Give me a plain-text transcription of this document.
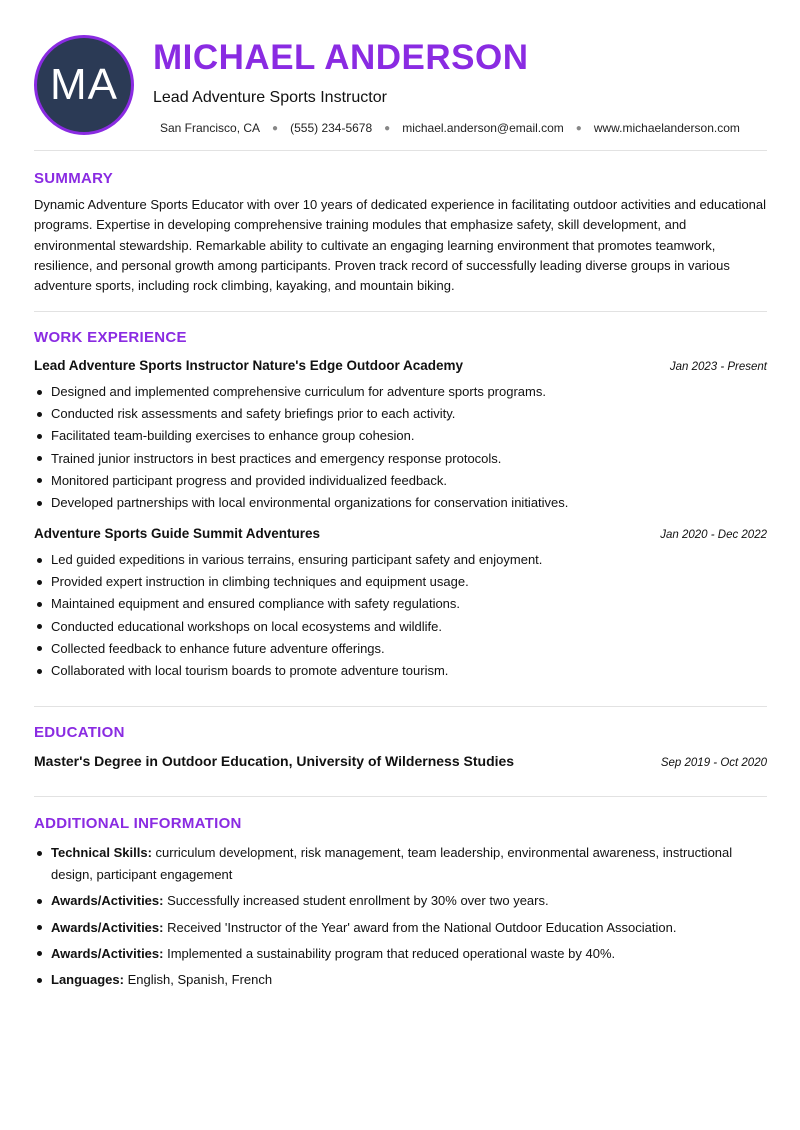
MA
MICHAEL ANDERSON
Lead Adventure Sports Instructor
San Francisco, CA ● (555) 234-5678 ● michael.anderson@email.com ● www.michaelanderson.com
SUMMARY
Dynamic Adventure Sports Educator with over 10 years of dedicated experience in facilitating outdoor activities and educational programs. Expertise in developing comprehensive training modules that emphasize safety, skill development, and environmental stewardship. Remarkable ability to cultivate an engaging learning environment that promotes teamwork, resilience, and personal growth among participants. Proven track record of successfully leading diverse groups in various adventure sports, including rock climbing, kayaking, and mountain biking.
WORK EXPERIENCE
Lead Adventure Sports Instructor Nature's Edge Outdoor Academy	Jan 2023 - Present
Designed and implemented comprehensive curriculum for adventure sports programs.
Conducted risk assessments and safety briefings prior to each activity.
Facilitated team-building exercises to enhance group cohesion.
Trained junior instructors in best practices and emergency response protocols.
Monitored participant progress and provided individualized feedback.
Developed partnerships with local environmental organizations for conservation initiatives.
Adventure Sports Guide Summit Adventures	Jan 2020 - Dec 2022
Led guided expeditions in various terrains, ensuring participant safety and enjoyment.
Provided expert instruction in climbing techniques and equipment usage.
Maintained equipment and ensured compliance with safety regulations.
Conducted educational workshops on local ecosystems and wildlife.
Collected feedback to enhance future adventure offerings.
Collaborated with local tourism boards to promote adventure tourism.
EDUCATION
Master's Degree in Outdoor Education, University of Wilderness Studies	Sep 2019 - Oct 2020
ADDITIONAL INFORMATION
Technical Skills: curriculum development, risk management, team leadership, environmental awareness, instructional design, participant engagement
Awards/Activities: Successfully increased student enrollment by 30% over two years.
Awards/Activities: Received 'Instructor of the Year' award from the National Outdoor Education Association.
Awards/Activities: Implemented a sustainability program that reduced operational waste by 40%.
Languages: English, Spanish, French
